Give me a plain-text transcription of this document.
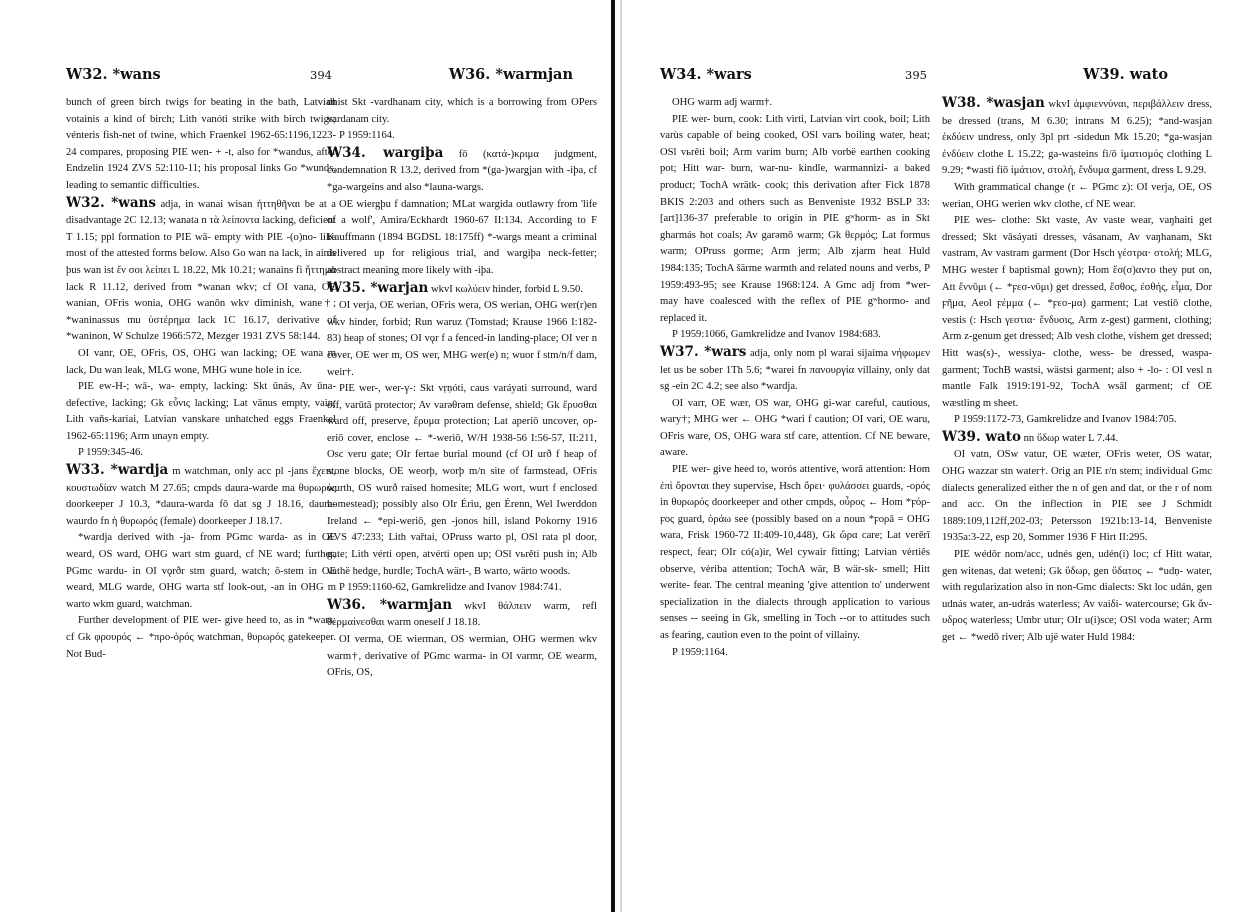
W32. *wans	394	W36. *warmjan

bunch of green birch twigs for beating in the bath, Latvian votainis a kind of birch; Lith vanóti strike with birch twigs; vénteris fish-net of twine, which Fraenkel 1962-65:1196,1223-24 compares, proposing PIE wen- + -t, also for *wandus, after Endzelin 1924 ZVS 52:110-11; his proposal links Go *wunds, leading to semantic difficulties.

W32. *wans adja, in wanai wisan ἡττηθῆναι be at a disadvantage 2C 12.13; wanata n τὰ λείποντα lacking, deficient T 1.15; ppl formation to PIE wā- empty with PIE -(o)no- like most of the attested forms below. Also Go wan na lack, in ainis þus wan ist ἕν σοι λείπει L 18.22, Mk 10.21; wanains fi ἥττημα lack R 11.12, derived from *wanan wkv; cf OI vana, OE wanian, OFris wonia, OHG wanōn wkv diminish, wane†; *waninassus mu ὑστέρημα lack 1C 16.17, derivative of *waninon, W Schulze 1966:572, Mezger 1931 ZVS 58:144.

OI vanr, OE, OFris, OS, OHG wan lacking; OE wana m lack, Du wan leak, MLG wone, MHG wune hole in ice.

PIE ew-H-; wā-, wa- empty, lacking: Skt ūnás, Av ūna- defective, lacking; Gk εὖνις lacking; Lat vānus empty, vain; Lith vaňs-kariai, Latvian vanskare unhatched eggs Fraenkel 1962-65:1196; Arm unayn empty.

P 1959:345-46.

W33. *wardja m watchman, only acc pl -jans ἔχειν, κουστωδίαν watch M 27.65; cmpds daura-warde ma θυρωρός doorkeeper J 10.3, *daura-warda fō dat sg J 18.16, daura-waurdo fn ἡ θυρωρός (female) doorkeeper J 18.17.

*wardja derived with -ja- from PGmc warda- as in OE weard, OS ward, OHG wart stm guard, cf NE ward; further, PGmc wardu- in OI vǫrðr stm guard, watch; ō-stem in OE weard, MLG warde, OHG warta stf look-out, -an in OHG m warto wkm guard, watchman.

Further development of PIE wer- give heed to, as in *wars: cf Gk φρουρός ← *προ-ὁρός watchman, θυρωρός gatekeeper. Not Bud-

dhist Skt -vardhanam city, which is a borrowing from OPers vardanam city.

P 1959:1164.

W34. wargiþa fō (κατά-)κριμα judgment, condemnation R 13.2, derived from *(ga-)wargjan with -iþa, cf *ga-wargeins and also *launa-wargs.

OE wiergþu f damnation; MLat wargida outlawry from 'life of a wolf', Amira/Eckhardt 1960-67 II:134. According to F Kauffmann (1894 BGDSL 18:175ff) *-wargs meant a criminal delivered up for religious trial, and wargiþa neck-fetter; abstract meaning more likely with -iþa.

W35. *warjan wkvI κωλύειν hinder, forbid L 9.50.

OI verja, OE werian, OFris wera, OS werian, OHG wer(r)en wkv hinder, forbid; Run waruz (Tomstad; Krause 1966 I:182-83) heap of stones; OI vǫr f a fenced-in landing-place; OI ver n cover, OE wer m, OS wer, MHG wer(e) n; wuor f stm/n/f dam, weir†.

PIE wer-, wer-ү-: Skt vṛṇóti, caus varáyati surround, ward off, varūtā protector; Av varəθrəm defense, shield; Gk ἔρυσθαι ward off, preserve, ἔρυμα protection; Lat aperiō uncover, op-eriō cover, enclose ← *-weriō, W/H 1938-56 I:56-57, II:211, Osc veru gate; OIr fertae burial mound (cf OI urð f heap of stone blocks, OE weorþ, worþ m/n site of farmstead, OFris wurth, OS wurð raised homesite; MLG wort, wurt f enclosed homestead); possibly also OIr Ériu, gen Érenn, Wel Iwerddon Ireland ← *epi-weriō, gen -jonos hill, island Pokorny 1916 ZVS 47:233; Lith vařtai, OPruss warto pl, OSl rata pl door, gate; Lith vérti open, atvérti open up; OSl vьrěti push in; Alb vathë hedge, hurdle; TochA wärt-, B warto, wärto woods.

P 1959:1160-62, Gamkrelidze and Ivanov 1984:741.

W36. *warmjan wkvI θάλπειν warm, refl θερμαίνεσθαι warm oneself J 18.18.

OI verma, OE wierman, OS wermian, OHG wermen wkv warm†, derivative of PGmc warma- in OI varmr, OE wearm, OFris, OS,

W34. *wars	395	W39. wato

OHG warm adj warm†.

PIE wer- burn, cook: Lith vìrti, Latvian virt cook, boil; Lith varùs capable of being cooked, OSl varъ boiling water, heat; OSl vьrěti boil; Arm varim burn; Alb vorbë earthen cooking pot; Hitt war- burn, war-nu- kindle, warmannizi- a baked product; TochA wrätk- cook; this derivation after Fick 1878 BKIS 2:203 and others such as Benveniste 1932 BSLP 33:[art]136-37 preferable to origin in PIE gʷhorm- as in Skt gharmás hot coals; Av garəmō warm; Gk θερμός; Lat formus warm; OPruss gorme; Arm jerm; Alb zjarm heat Huld 1984:135; TochA šärme warmth and related nouns and verbs, P 1959:493-95; see Krause 1968:124. A Gmc adj from *wer- may have coalesced with the reflex of PIE gʷhormo- and replaced it.

P 1959:1066, Gamkrelidze and Ivanov 1984:683.

W37. *wars adja, only nom pl warai sijaima νήφωμεν let us be sober 1Th 5.6; *warei fn πανουργία villainy, only dat sg -ein 2C 4.2; see also *wardja.

OI varr, OE wær, OS war, OHG gi-war careful, cautious, wary†; MHG wer ← OHG *wari f caution; OI vari, OE waru, OFris ware, OS, OHG wara stf care, attention. Cf NE beware, aware.

PIE wer- give heed to, worós attentive, worā attention: Hom ἐπὶ ὄρονται they supervise, Hsch ὄρει· φυλάσσει guards, -ορός in θυρωρός doorkeeper and other cmpds, οὖρος ← Hom *ϝόρ-ϝος guard, ὁράω see (possibly based on a noun *ϝορā = OHG wara, Frisk 1960-72 II:409-10,448), Gk ὥρα care; Lat verērī respect, fear; OIr có(a)ir, Wel cywair fitting; Latvian vèrtiês observe, vèriba attention; TochA wär, B wär-sk- smell; Hitt werite- fear. The central meaning 'give attention to' underwent specialization in the dialects through application to various senses -- seeing in Gk, smelling in Toch --or to attitudes such as fearing, caution even to the point of villainy.

P 1959:1164.

W38. *wasjan wkvI ἀμφιεννύναι, περιβάλλειν dress, be dressed (trans, M 6.30; intrans M 6.25); *and-wasjan ἐκδύειν undress, only 3pl prt -sidedun Mk 15.20; *ga-wasjan ἐνδύειν clothe L 15.22; ga-wasteins fi/ō ἱματισμός clothing L 9.29; *wasti fiō ἱμάτιον, στολή, ἔνδυμα garment, dress L 9.29.

With grammatical change (r ← PGmc z): OI verja, OE, OS werian, OHG werien wkv clothe, cf NE wear.

PIE wes- clothe: Skt vaste, Av vaste wear, vaŋhaiti get dressed; Skt vāsáyati dresses, vásanam, Av vaŋhanam, Skt vastram, Av vastram garment (Dor Hsch γέστρα· στολή; MLG, MHG wester f baptismal gown); Hom ἕσ(σ)αντο they put on, Att ἔννῡμι (← *ϝεσ-νῡμι) get dressed, ἔσθος, ἐσθής, εἶμα, Dor ϝῆμα, Aeol ϝέμμα (← *ϝεσ-μα) garment; Lat vestiō clothe, vestis (: Hsch γεστια· ἔνδυσις, Arm z-gest) garment, clothing; Arm z-genum get dressed; Alb vesh clothe, vishem get dressed; Hitt was(s)-, wessiya- clothe, wess- be dressed, waspa- garment; TochB wastsi, wästsi garment; also + -lo- : OI vesl n mantle Falk 1919:191-92, TochA wsāl garment; cf OE wæstling m sheet.

P 1959:1172-73, Gamkrelidze and Ivanov 1984:705.

W39. wato nn ὕδωρ water L 7.44.

OI vatn, OSw vatur, OE wæter, OFris weter, OS watar, OHG wazzar stn water†. Orig an PIE r/n stem; individual Gmc dialects generalized either the n of gen and dat, or the r of nom and acc. On the inflection in PIE see J Schmidt 1889:109,112ff,202-03; Petersson 1921b:13-14, Benveniste 1935a:3-22, esp 20, Sommer 1936 F Hirt II:295.

PIE wédōr nom/acc, udnés gen, udén(i) loc; cf Hitt watar, gen witenas, dat weteni; Gk ὕδωρ, gen ὕδατος ← *udṇ- water, with regularization also in non-Gmc dialects: Skt loc udán, gen udnás water, an-udrás waterless; Av vaiδi- watercourse; Gk ἄν-υδρος waterless; Umbr utur; OIr u(i)sce; OSl voda water; Arm get ← *wedō river; Alb ujë water Huld 1984:
